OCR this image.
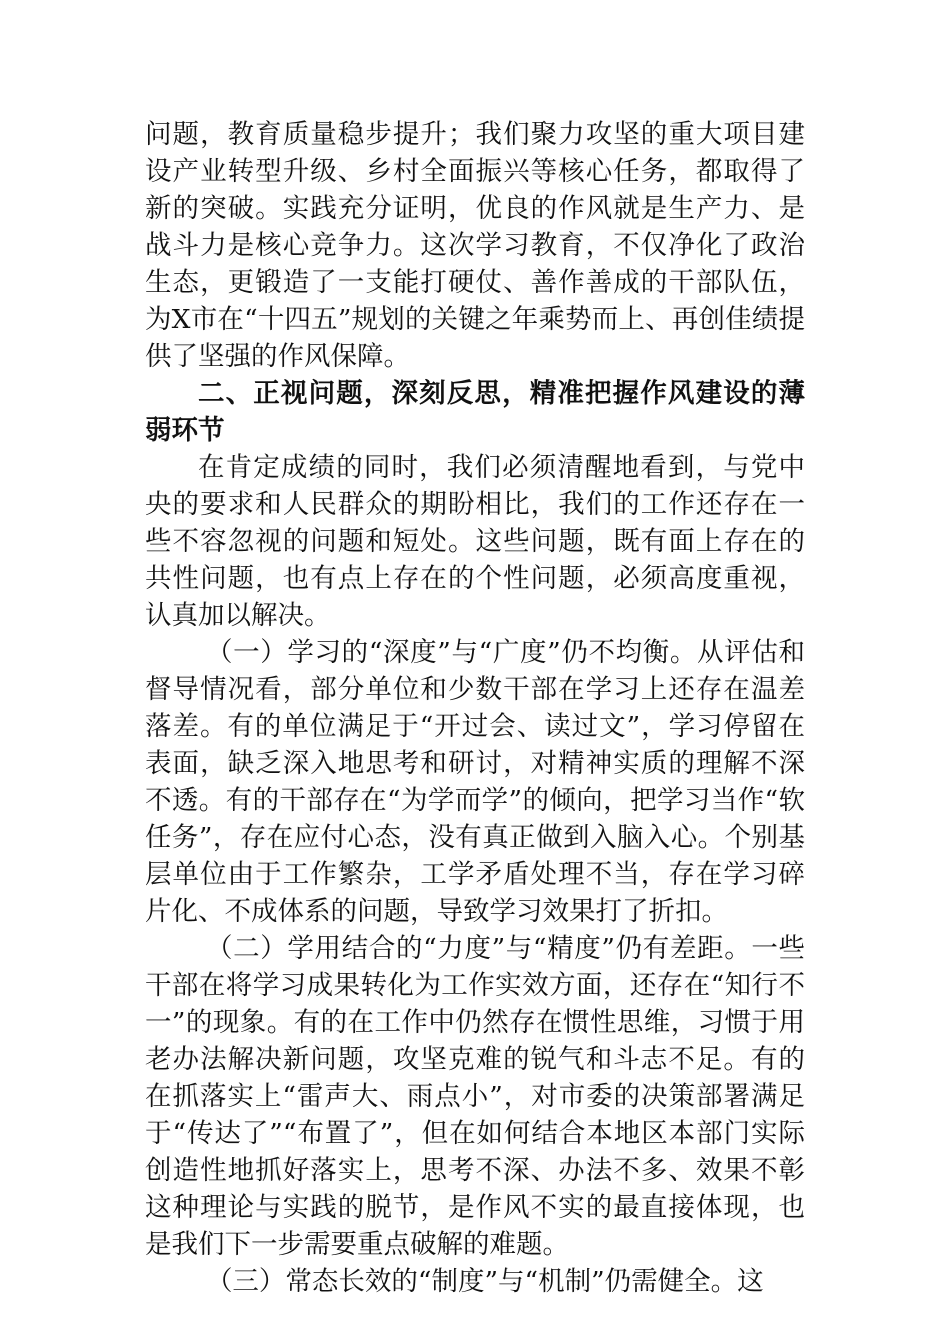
问题，教育质量稳步提升；我们聚力攻坚的重大项目建设产业转型升级、乡村全面振兴等核心任务，都取得了新的突破。实践充分证明，优良的作风就是生产力、是战斗力是核心竞争力。这次学习教育，不仅净化了政治生态，更锻造了一支能打硬仗、善作善成的干部队伍，为X市在“十四五”规划的关键之年乘势而上、再创佳绩提供了坚强的作风保障。

二、正视问题，深刻反思，精准把握作风建设的薄弱环节

在肯定成绩的同时，我们必须清醒地看到，与党中央的要求和人民群众的期盼相比，我们的工作还存在一些不容忽视的问题和短处。这些问题，既有面上存在的共性问题，也有点上存在的个性问题，必须高度重视，认真加以解决。

（一）学习的“深度”与“广度”仍不均衡。从评估和督导情况看，部分单位和少数干部在学习上还存在温差落差。有的单位满足于“开过会、读过文”，学习停留在表面，缺乏深入地思考和研讨，对精神实质的理解不深不透。有的干部存在“为学而学”的倾向，把学习当作“软任务”，存在应付心态，没有真正做到入脑入心。个别基层单位由于工作繁杂，工学矛盾处理不当，存在学习碎片化、不成体系的问题，导致学习效果打了折扣。

（二）学用结合的“力度”与“精度”仍有差距。一些干部在将学习成果转化为工作实效方面，还存在“知行不一”的现象。有的在工作中仍然存在惯性思维，习惯于用老办法解决新问题，攻坚克难的锐气和斗志不足。有的在抓落实上“雷声大、雨点小”，对市委的决策部署满足于“传达了”“布置了”，但在如何结合本地区本部门实际创造性地抓好落实上，思考不深、办法不多、效果不彰这种理论与实践的脱节，是作风不实的最直接体现，也是我们下一步需要重点破解的难题。

（三）常态长效的“制度”与“机制”仍需健全。这
